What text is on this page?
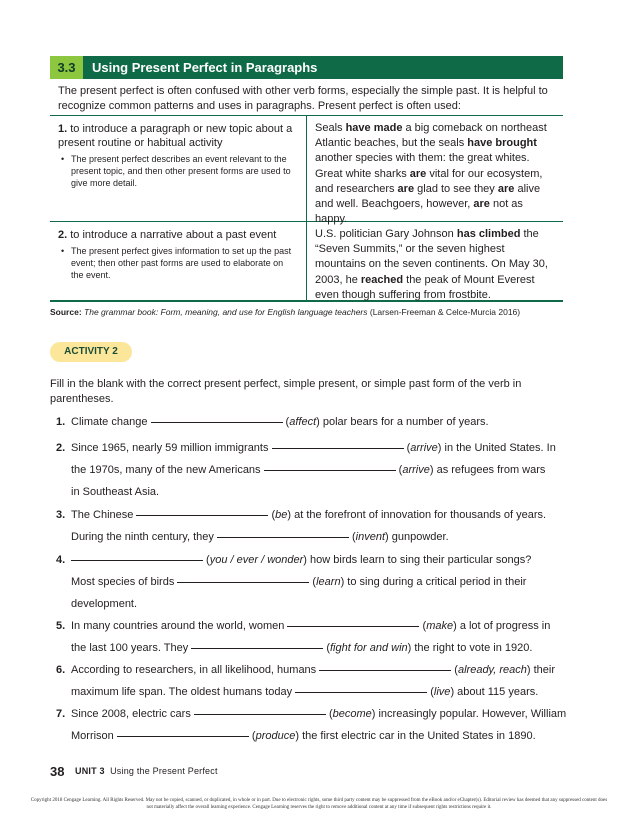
3.3	Using Present Perfect in Paragraphs
The present perfect is often confused with other verb forms, especially the simple past. It is helpful to recognize common patterns and uses in paragraphs. Present perfect is often used:
1. to introduce a paragraph or new topic about a present routine or habitual activity
• The present perfect describes an event relevant to the present topic, and then other present forms are used to give more detail.
Seals have made a big comeback on northeast Atlantic beaches, but the seals have brought another species with them: the great whites. Great white sharks are vital for our ecosystem, and researchers are glad to see they are alive and well. Beachgoers, however, are not as happy.
2. to introduce a narrative about a past event
• The present perfect gives information to set up the past event; then other past forms are used to elaborate on the event.
U.S. politician Gary Johnson has climbed the “Seven Summits,” or the seven highest mountains on the seven continents. On May 30, 2003, he reached the peak of Mount Everest even though suffering from frostbite.
Source: The grammar book: Form, meaning, and use for English language teachers (Larsen-Freeman & Celce-Murcia 2016)
ACTIVITY 2
Fill in the blank with the correct present perfect, simple present, or simple past form of the verb in parentheses.
1. Climate change	(affect) polar bears for a number of years.
2. Since 1965, nearly 59 million immigrants	(arrive) in the United States. In
the 1970s, many of the new Americans	(arrive) as refugees from wars
in Southeast Asia.
3. The Chinese	(be) at the forefront of innovation for thousands of years.
During the ninth century, they	(invent) gunpowder.
4.	(you / ever / wonder) how birds learn to sing their particular songs?
Most species of birds	(learn) to sing during a critical period in their
development.
5. In many countries around the world, women	(make) a lot of progress in
the last 100 years. They	(fight for and win) the right to vote in 1920.
6. According to researchers, in all likelihood, humans	(already, reach) their
maximum life span. The oldest humans today	(live) about 115 years.
7. Since 2008, electric cars	(become) increasingly popular. However, William
Morrison	(produce) the first electric car in the United States in 1890.
38 UNIT 3 Using the Present Perfect
Copyright 2018 Cengage Learning. All Rights Reserved. May not be copied, scanned, or duplicated, in whole or in part. Due to electronic rights, some third party content may be suppressed from the eBook and/or eChapter(s). Editorial review has deemed that any suppressed content does not materially affect the overall learning experience. Cengage Learning reserves the right to remove additional content at any time if subsequent rights restrictions require it.
